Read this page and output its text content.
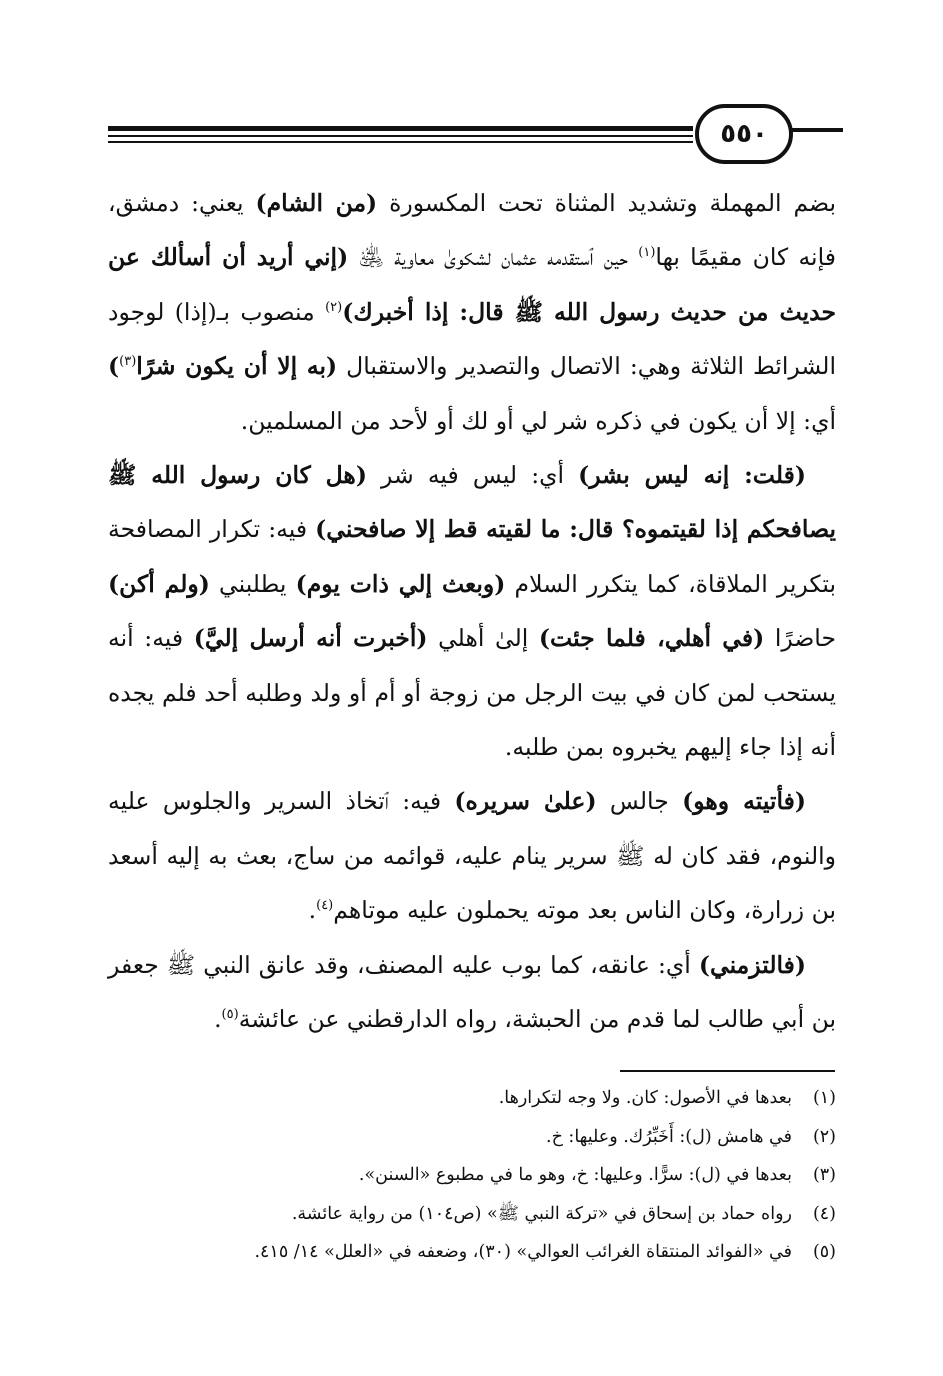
٥٥٠

بضم المهملة وتشديد المثناة تحت المكسورة (من الشام) يعني: دمشق، فإنه كان مقيمًا بها$^{(١)}$ حين ٱستقدمه عثمان لشكوىٰ معاوية ﵁ (إني أريد أن أسألك عن حديث من حديث رسول الله ﷺ قال: إذا أخبرك)$^{(٢)}$ منصوب بـ(إذا) لوجود الشرائط الثلاثة وهي: الاتصال والتصدير والاستقبال (به إلا أن يكون شرًا$^{(٣)}$) أي: إلا أن يكون في ذكره شر لي أو لك أو لأحد من المسلمين.

(قلت: إنه ليس بشر) أي: ليس فيه شر (هل كان رسول الله ﷺ يصافحكم إذا لقيتموه؟ قال: ما لقيته قط إلا صافحني) فيه: تكرار المصافحة بتكرير الملاقاة، كما يتكرر السلام (وبعث إلي ذات يوم) يطلبني (ولم أكن) حاضرًا (في أهلي، فلما جئت) إلىٰ أهلي (أخبرت أنه أرسل إليَّ) فيه: أنه يستحب لمن كان في بيت الرجل من زوجة أو أم أو ولد وطلبه أحد فلم يجده أنه إذا جاء إليهم يخبروه بمن طلبه.

(فأتيته وهو) جالس (علىٰ سريره) فيه: ٱتخاذ السرير والجلوس عليه والنوم، فقد كان له ﷺ سرير ينام عليه، قوائمه من ساج، بعث به إليه أسعد بن زرارة، وكان الناس بعد موته يحملون عليه موتاهم$^{(٤)}$.

(فالتزمني) أي: عانقه، كما بوب عليه المصنف، وقد عانق النبي ﷺ جعفر بن أبي طالب لما قدم من الحبشة، رواه الدارقطني عن عائشة$^{(٥)}$.

(١)
بعدها في الأصول: كان. ولا وجه لتكرارها.
(٢)
في هامش (ل): أَخَبِّرُك. وعليها: خ.
(٣)
بعدها في (ل): سرًّا. وعليها: خ، وهو ما في مطبوع «السنن».
(٤)
رواه حماد بن إسحاق في «تركة النبي ﷺ» (ص١٠٤) من رواية عائشة.
(٥)
في «الفوائد المنتقاة الغرائب العوالي» (٣٠)، وضعفه في «العلل» ١٤/ ٤١٥.
